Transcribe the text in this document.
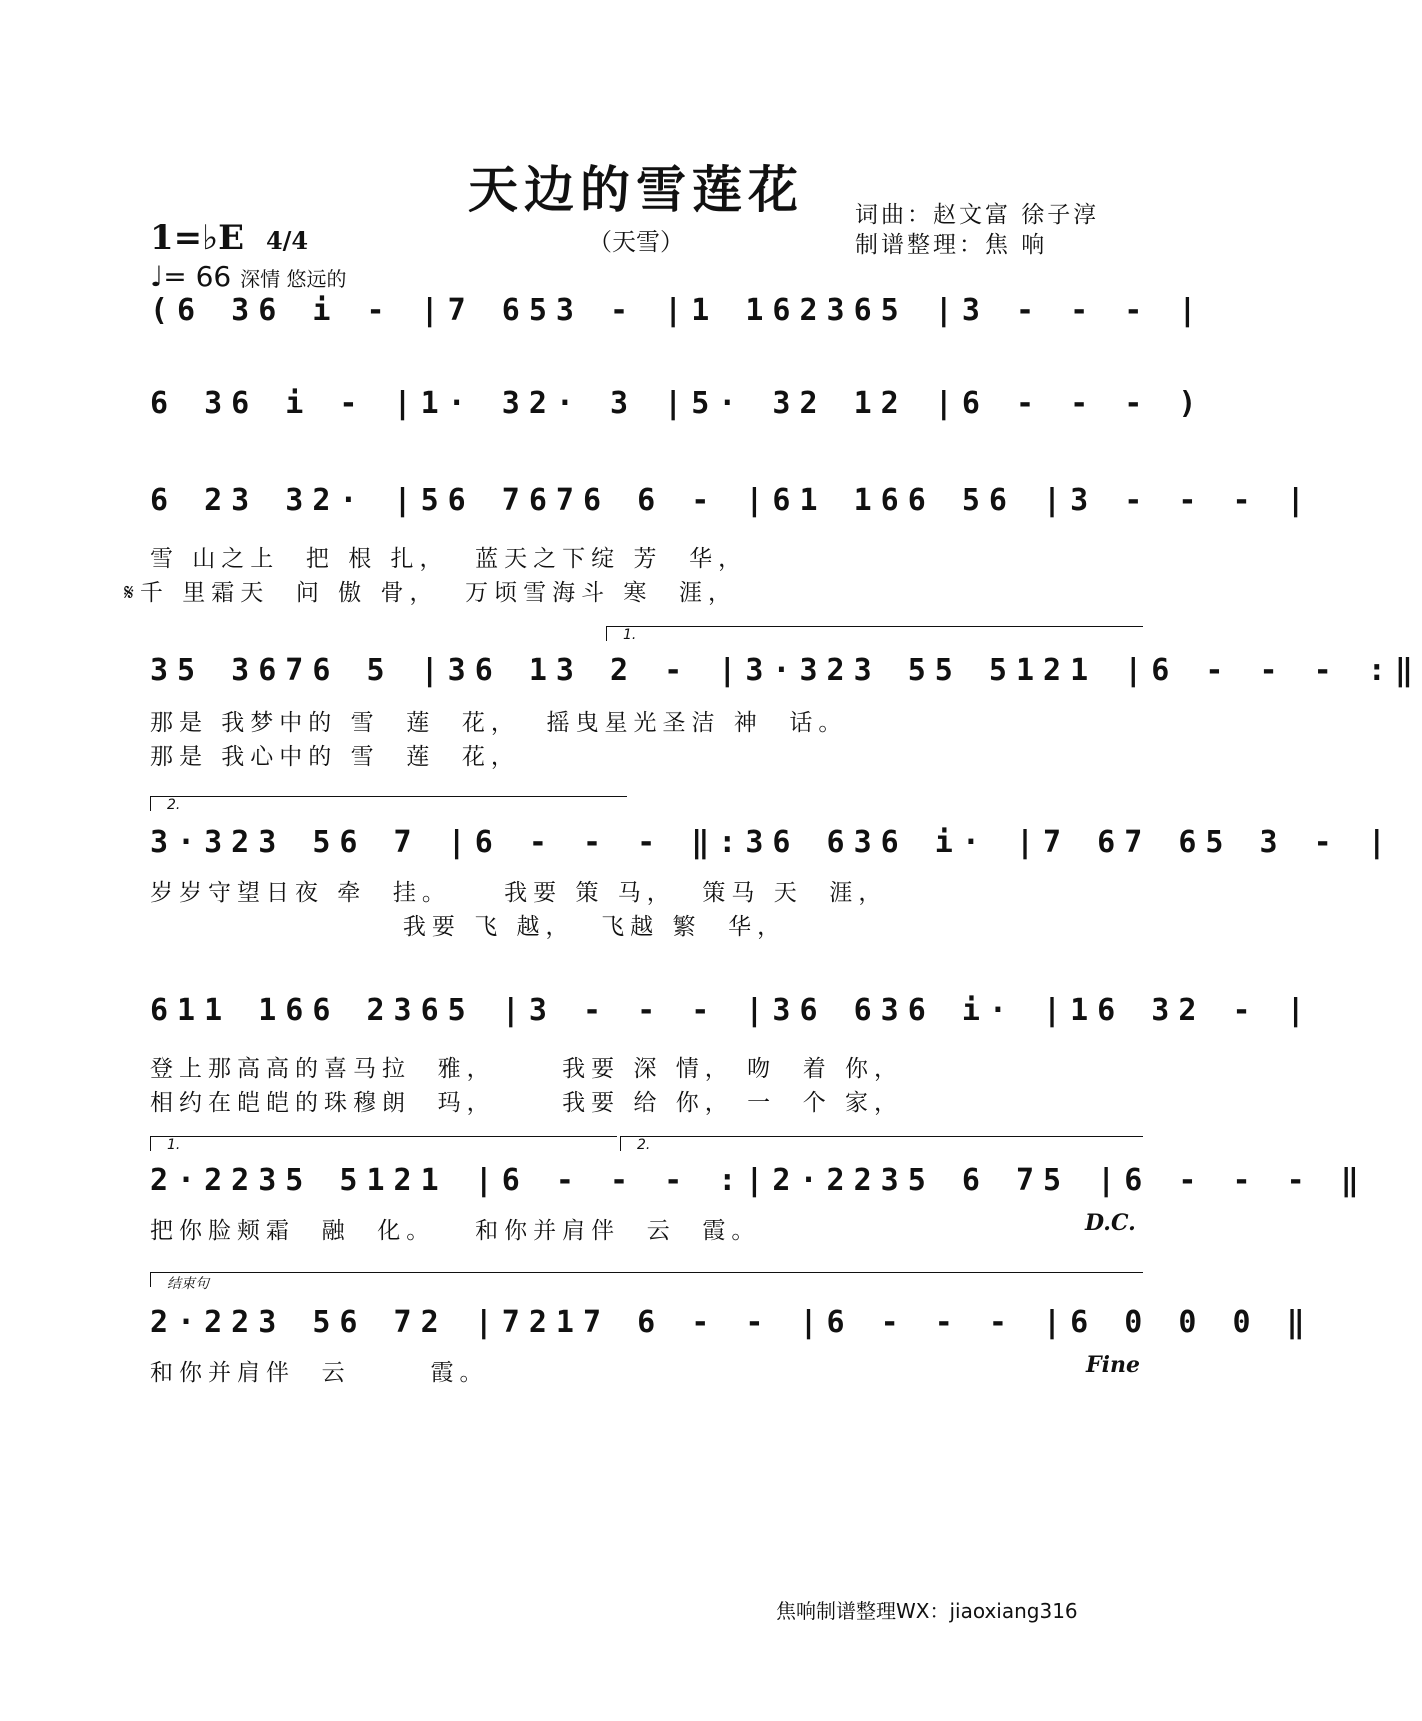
天边的雪莲花
（天雪）
词曲：赵文富 徐子淳
制谱整理：焦 响
1=♭E 4/4
♩= 66 深情 悠远的
(6 36 i - |7 653 - |1 162365 |3 - - - |
6 36 i - |1· 32· 3 |5· 32 12 |6 - - - )
6 23 32· |56 7676 6 - |61 166 56 |3 - - - |
雪 山之上  把 根 扎，  蓝天之下绽 芳  华，
𝄋千 里霜天  问 傲 骨，  万顷雪海斗 寒  涯，
1.
35 3676 5 |36 13 2 - |3·323 55 5121 |6 - - - :‖
那是 我梦中的 雪  莲  花，  摇曳星光圣洁 神  话。
那是 我心中的 雪  莲  花，
2.
3·323 56 7 |6 - - - ‖:36 636 i· |7 67 65 3 - |
岁岁守望日夜 牵  挂。    我要 策 马，  策马 天  涯，
我要 飞 越，  飞越 繁  华，
611 166 2365 |3 - - - |36 636 i· |16 32 - |
登上那高高的喜马拉  雅，     我要 深 情， 吻  着 你，
相约在皑皑的珠穆朗  玛，     我要 给 你， 一  个 家，
1.	2.
2·2235 5121 |6 - - - :|2·2235 6 75 |6 - - - ‖
把你脸颊霜  融  化。   和你并肩伴  云  霞。	D.C.
结束句
2·223 56 72 |7217 6 - - |6 - - - |6 0 0 0 ‖
和你并肩伴  云      霞。	Fine
焦响制谱整理WX：jiaoxiang316
